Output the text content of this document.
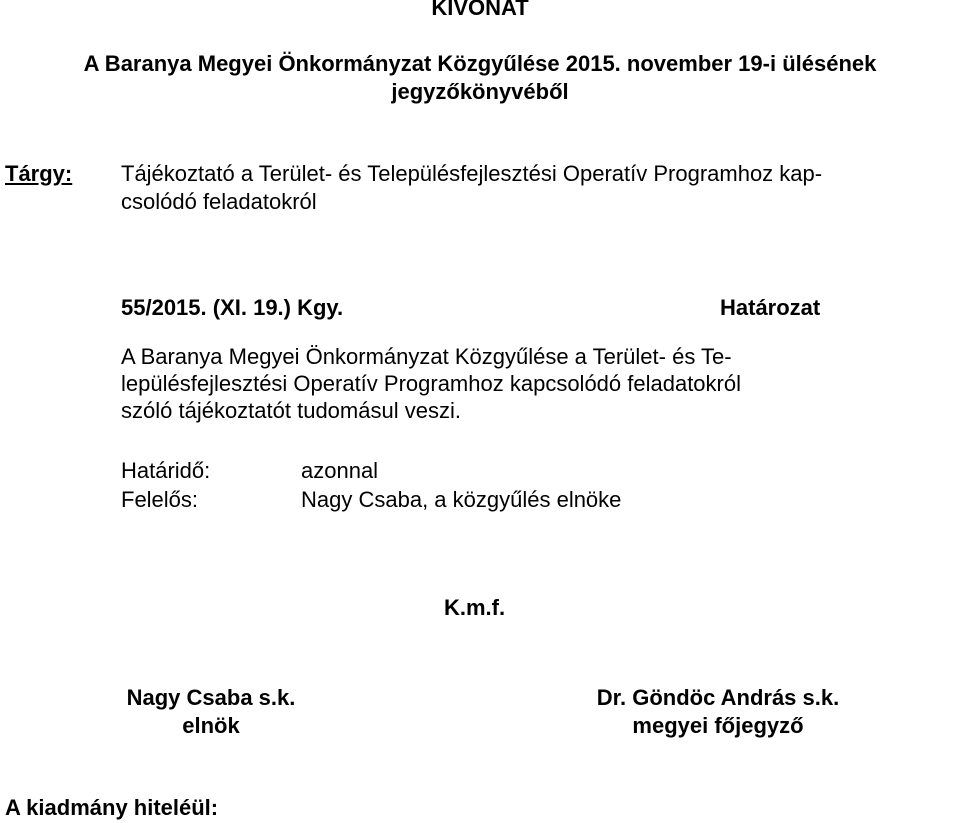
KIVONAT
A Baranya Megyei Önkormányzat Közgyűlése 2015. november 19-i ülésének
jegyzőkönyvéből
Tárgy: Tájékoztató a Terület- és Településfejlesztési Operatív Programhoz kap-
csolódó feladatokról
55/2015. (XI. 19.) Kgy.	Határozat
A Baranya Megyei Önkormányzat Közgyűlése a Terület- és Te-
lepülésfejlesztési Operatív Programhoz kapcsolódó feladatokról
szóló tájékoztatót tudomásul veszi.
Határidő:	azonnal
Felelős:	Nagy Csaba, a közgyűlés elnöke
K.m.f.
Nagy Csaba s.k.
elnök
Dr. Göndöc András s.k.
megyei főjegyző
A kiadmány hiteléül:
